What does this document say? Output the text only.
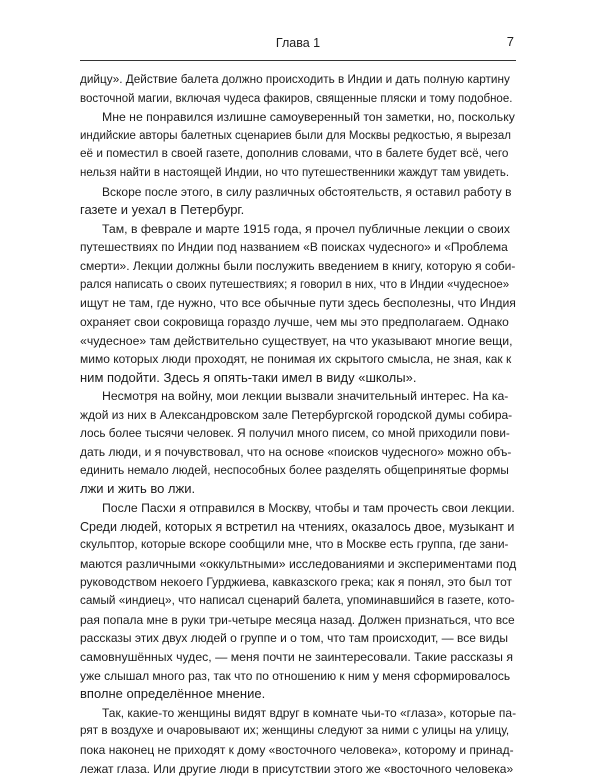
Глава 1	7
дийцу». Действие балета должно происходить в Индии и дать полную картину
восточной магии, включая чудеса факиров, священные пляски и тому подобное.
Мне не понравился излишне самоуверенный тон заметки, но, поскольку
индийские авторы балетных сценариев были для Москвы редкостью, я вырезал
её и поместил в своей газете, дополнив словами, что в балете будет всё, чего
нельзя найти в настоящей Индии, но что путешественники жаждут там увидеть.
Вскоре после этого, в силу различных обстоятельств, я оставил работу в
газете и уехал в Петербург.
Там, в феврале и марте 1915 года, я прочел публичные лекции о своих
путешествиях по Индии под названием «В поисках чудесного» и «Проблема
смерти». Лекции должны были послужить введением в книгу, которую я соби-
рался написать о своих путешествиях; я говорил в них, что в Индии «чудесное»
ищут не там, где нужно, что все обычные пути здесь бесполезны, что Индия
охраняет свои сокровища гораздо лучше, чем мы это предполагаем. Однако
«чудесное» там действительно существует, на что указывают многие вещи,
мимо которых люди проходят, не понимая их скрытого смысла, не зная, как к
ним подойти. Здесь я опять-таки имел в виду «школы».
Несмотря на войну, мои лекции вызвали значительный интерес. На ка-
ждой из них в Александровском зале Петербургской городской думы собира-
лось более тысячи человек. Я получил много писем, со мной приходили пови-
дать люди, и я почувствовал, что на основе «поисков чудесного» можно объ-
единить немало людей, неспособных более разделять общепринятые формы
лжи и жить во лжи.
После Пасхи я отправился в Москву, чтобы и там прочесть свои лекции.
Среди людей, которых я встретил на чтениях, оказалось двое, музыкант и
скульптор, которые вскоре сообщили мне, что в Москве есть группа, где зани-
маются различными «оккультными» исследованиями и экспериментами под
руководством некоего Гурджиева, кавказского грека; как я понял, это был тот
самый «индиец», что написал сценарий балета, упоминавшийся в газете, кото-
рая попала мне в руки три-четыре месяца назад. Должен признаться, что все
рассказы этих двух людей о группе и о том, что там происходит, — все виды
самовнушённых чудес, — меня почти не заинтересовали. Такие рассказы я
уже слышал много раз, так что по отношению к ним у меня сформировалось
вполне определённое мнение.
Так, какие-то женщины видят вдруг в комнате чьи-то «глаза», которые па-
рят в воздухе и очаровывают их; женщины следуют за ними с улицы на улицу,
пока наконец не приходят к дому «восточного человека», которому и принад-
лежат глаза. Или другие люди в присутствии этого же «восточного человека»
